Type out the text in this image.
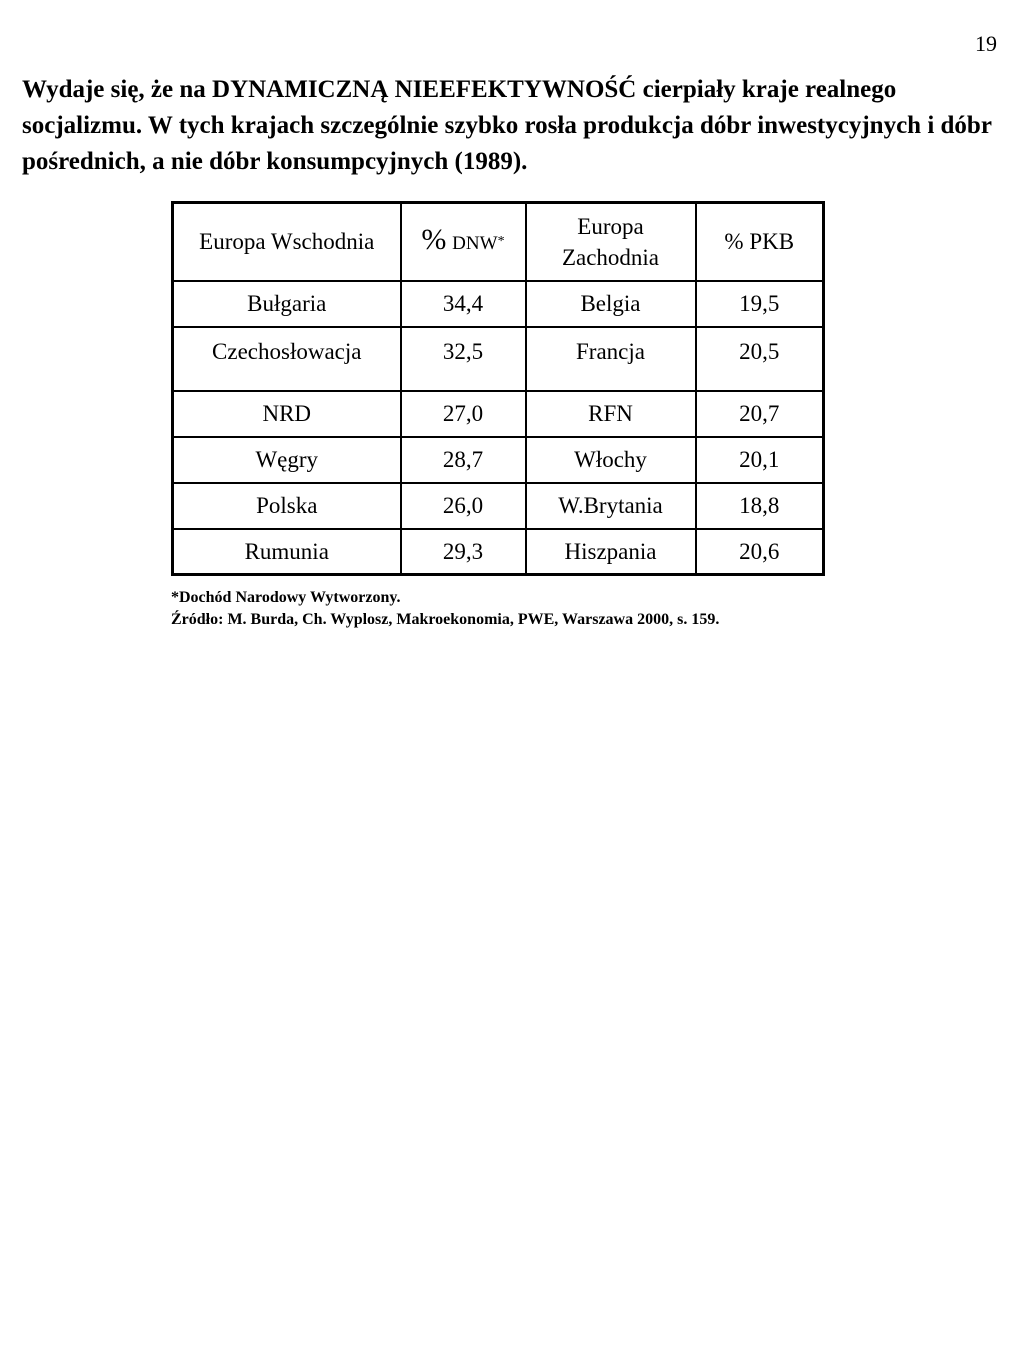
19

Wydaje się, że na DYNAMICZNĄ NIEEFEKTYWNOŚĆ cierpiały kraje realnego socjalizmu. W tych krajach szczególnie szybko rosła produkcja dóbr inwestycyjnych i dóbr pośrednich, a nie dóbr konsumpcyjnych (1989).

Europa Wschodnia	% DNW*	Europa Zachodnia	% PKB
Bułgaria	34,4	Belgia	19,5
Czechosłowacja	32,5	Francja	20,5
NRD	27,0	RFN	20,7
Węgry	28,7	Włochy	20,1
Polska	26,0	W.Brytania	18,8
Rumunia	29,3	Hiszpania	20,6
*Dochód Narodowy Wytworzony.
Źródło: M. Burda, Ch. Wyplosz, Makroekonomia, PWE, Warszawa 2000, s. 159.
